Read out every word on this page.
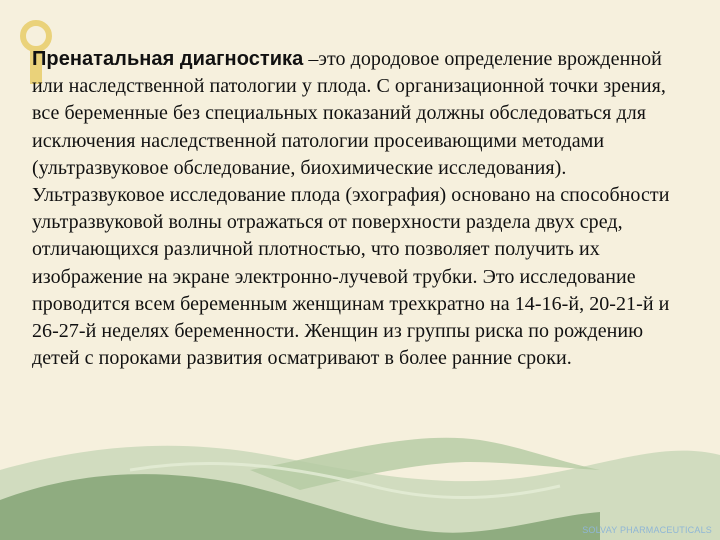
Пренатальная диагностика –это дородовое определение врожденной или наследственной патологии у плода. С организационной точки зрения, все беременные без специальных показаний должны обследоваться для исключения наследственной патологии просеивающими методами (ультразвуковое обследование, биохимические исследования). Ультразвуковое исследование плода (эхография) основано на способности ультразвуковой волны отражаться от поверхности раздела двух сред, отличающихся различной плотностью, что позволяет получить их изображение на экране электронно-лучевой трубки. Это исследование проводится всем беременным женщинам трехкратно на 14-16-й, 20-21-й и 26-27-й неделях беременности. Женщин из группы риска по рождению детей с пороками развития осматривают в более ранние сроки.

SOLVAY PHARMACEUTICALS
